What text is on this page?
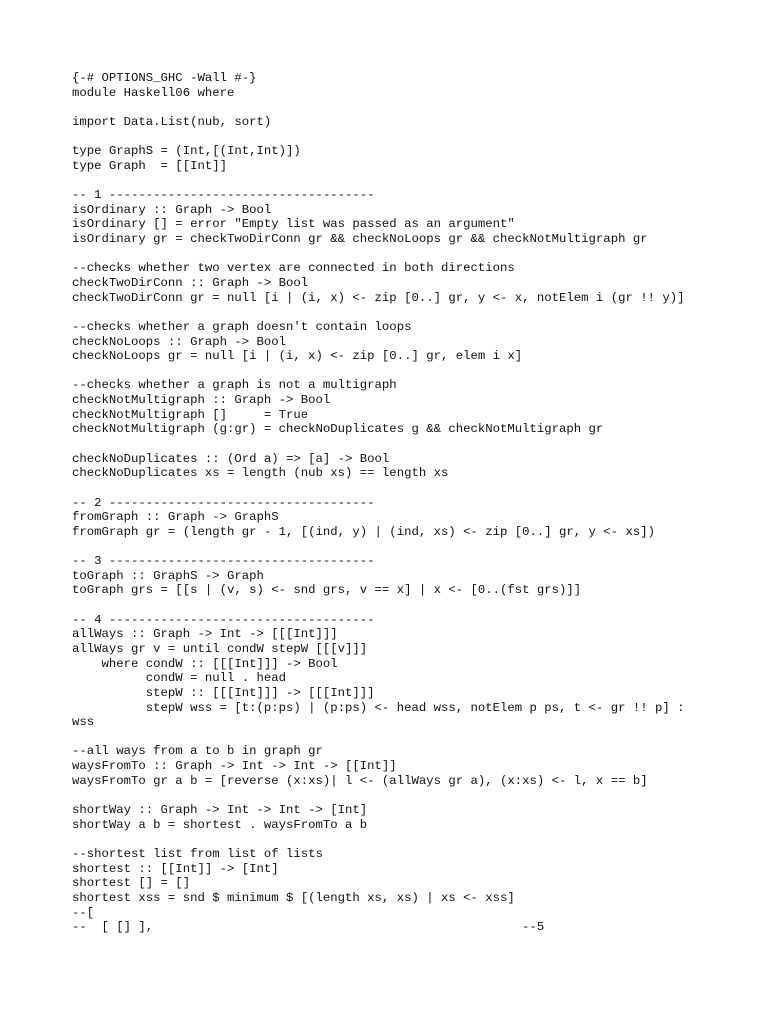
{-# OPTIONS_GHC -Wall #-}
module Haskell06 where
import Data.List(nub, sort)
type GraphS = (Int,[(Int,Int)])
type Graph  = [[Int]]
-- 1 ------------------------------------
isOrdinary :: Graph -> Bool
isOrdinary [] = error "Empty list was passed as an argument"
isOrdinary gr = checkTwoDirConn gr && checkNoLoops gr && checkNotMultigraph gr
--checks whether two vertex are connected in both directions
checkTwoDirConn :: Graph -> Bool
checkTwoDirConn gr = null [i | (i, x) <- zip [0..] gr, y <- x, notElem i (gr !! y)]
--checks whether a graph doesn't contain loops
checkNoLoops :: Graph -> Bool
checkNoLoops gr = null [i | (i, x) <- zip [0..] gr, elem i x]
--checks whether a graph is not a multigraph
checkNotMultigraph :: Graph -> Bool
checkNotMultigraph []     = True
checkNotMultigraph (g:gr) = checkNoDuplicates g && checkNotMultigraph gr
checkNoDuplicates :: (Ord a) => [a] -> Bool
checkNoDuplicates xs = length (nub xs) == length xs
-- 2 ------------------------------------
fromGraph :: Graph -> GraphS
fromGraph gr = (length gr - 1, [(ind, y) | (ind, xs) <- zip [0..] gr, y <- xs])
-- 3 ------------------------------------
toGraph :: GraphS -> Graph
toGraph grs = [[s | (v, s) <- snd grs, v == x] | x <- [0..(fst grs)]]
-- 4 ------------------------------------
allWays :: Graph -> Int -> [[[Int]]]
allWays gr v = until condW stepW [[[v]]]
where condW :: [[[Int]]] -> Bool
condW = null . head
stepW :: [[[Int]]] -> [[[Int]]]
stepW wss = [t:(p:ps) | (p:ps) <- head wss, notElem p ps, t <- gr !! p] :
wss
--all ways from a to b in graph gr
waysFromTo :: Graph -> Int -> Int -> [[Int]]
waysFromTo gr a b = [reverse (x:xs)| l <- (allWays gr a), (x:xs) <- l, x == b]
shortWay :: Graph -> Int -> Int -> [Int]
shortWay a b = shortest . waysFromTo a b
--shortest list from list of lists
shortest :: [[Int]] -> [Int]
shortest [] = []
shortest xss = snd $ minimum $ [(length xs, xs) | xs <- xss]
--[
--  [ [] ],                                                  --5
